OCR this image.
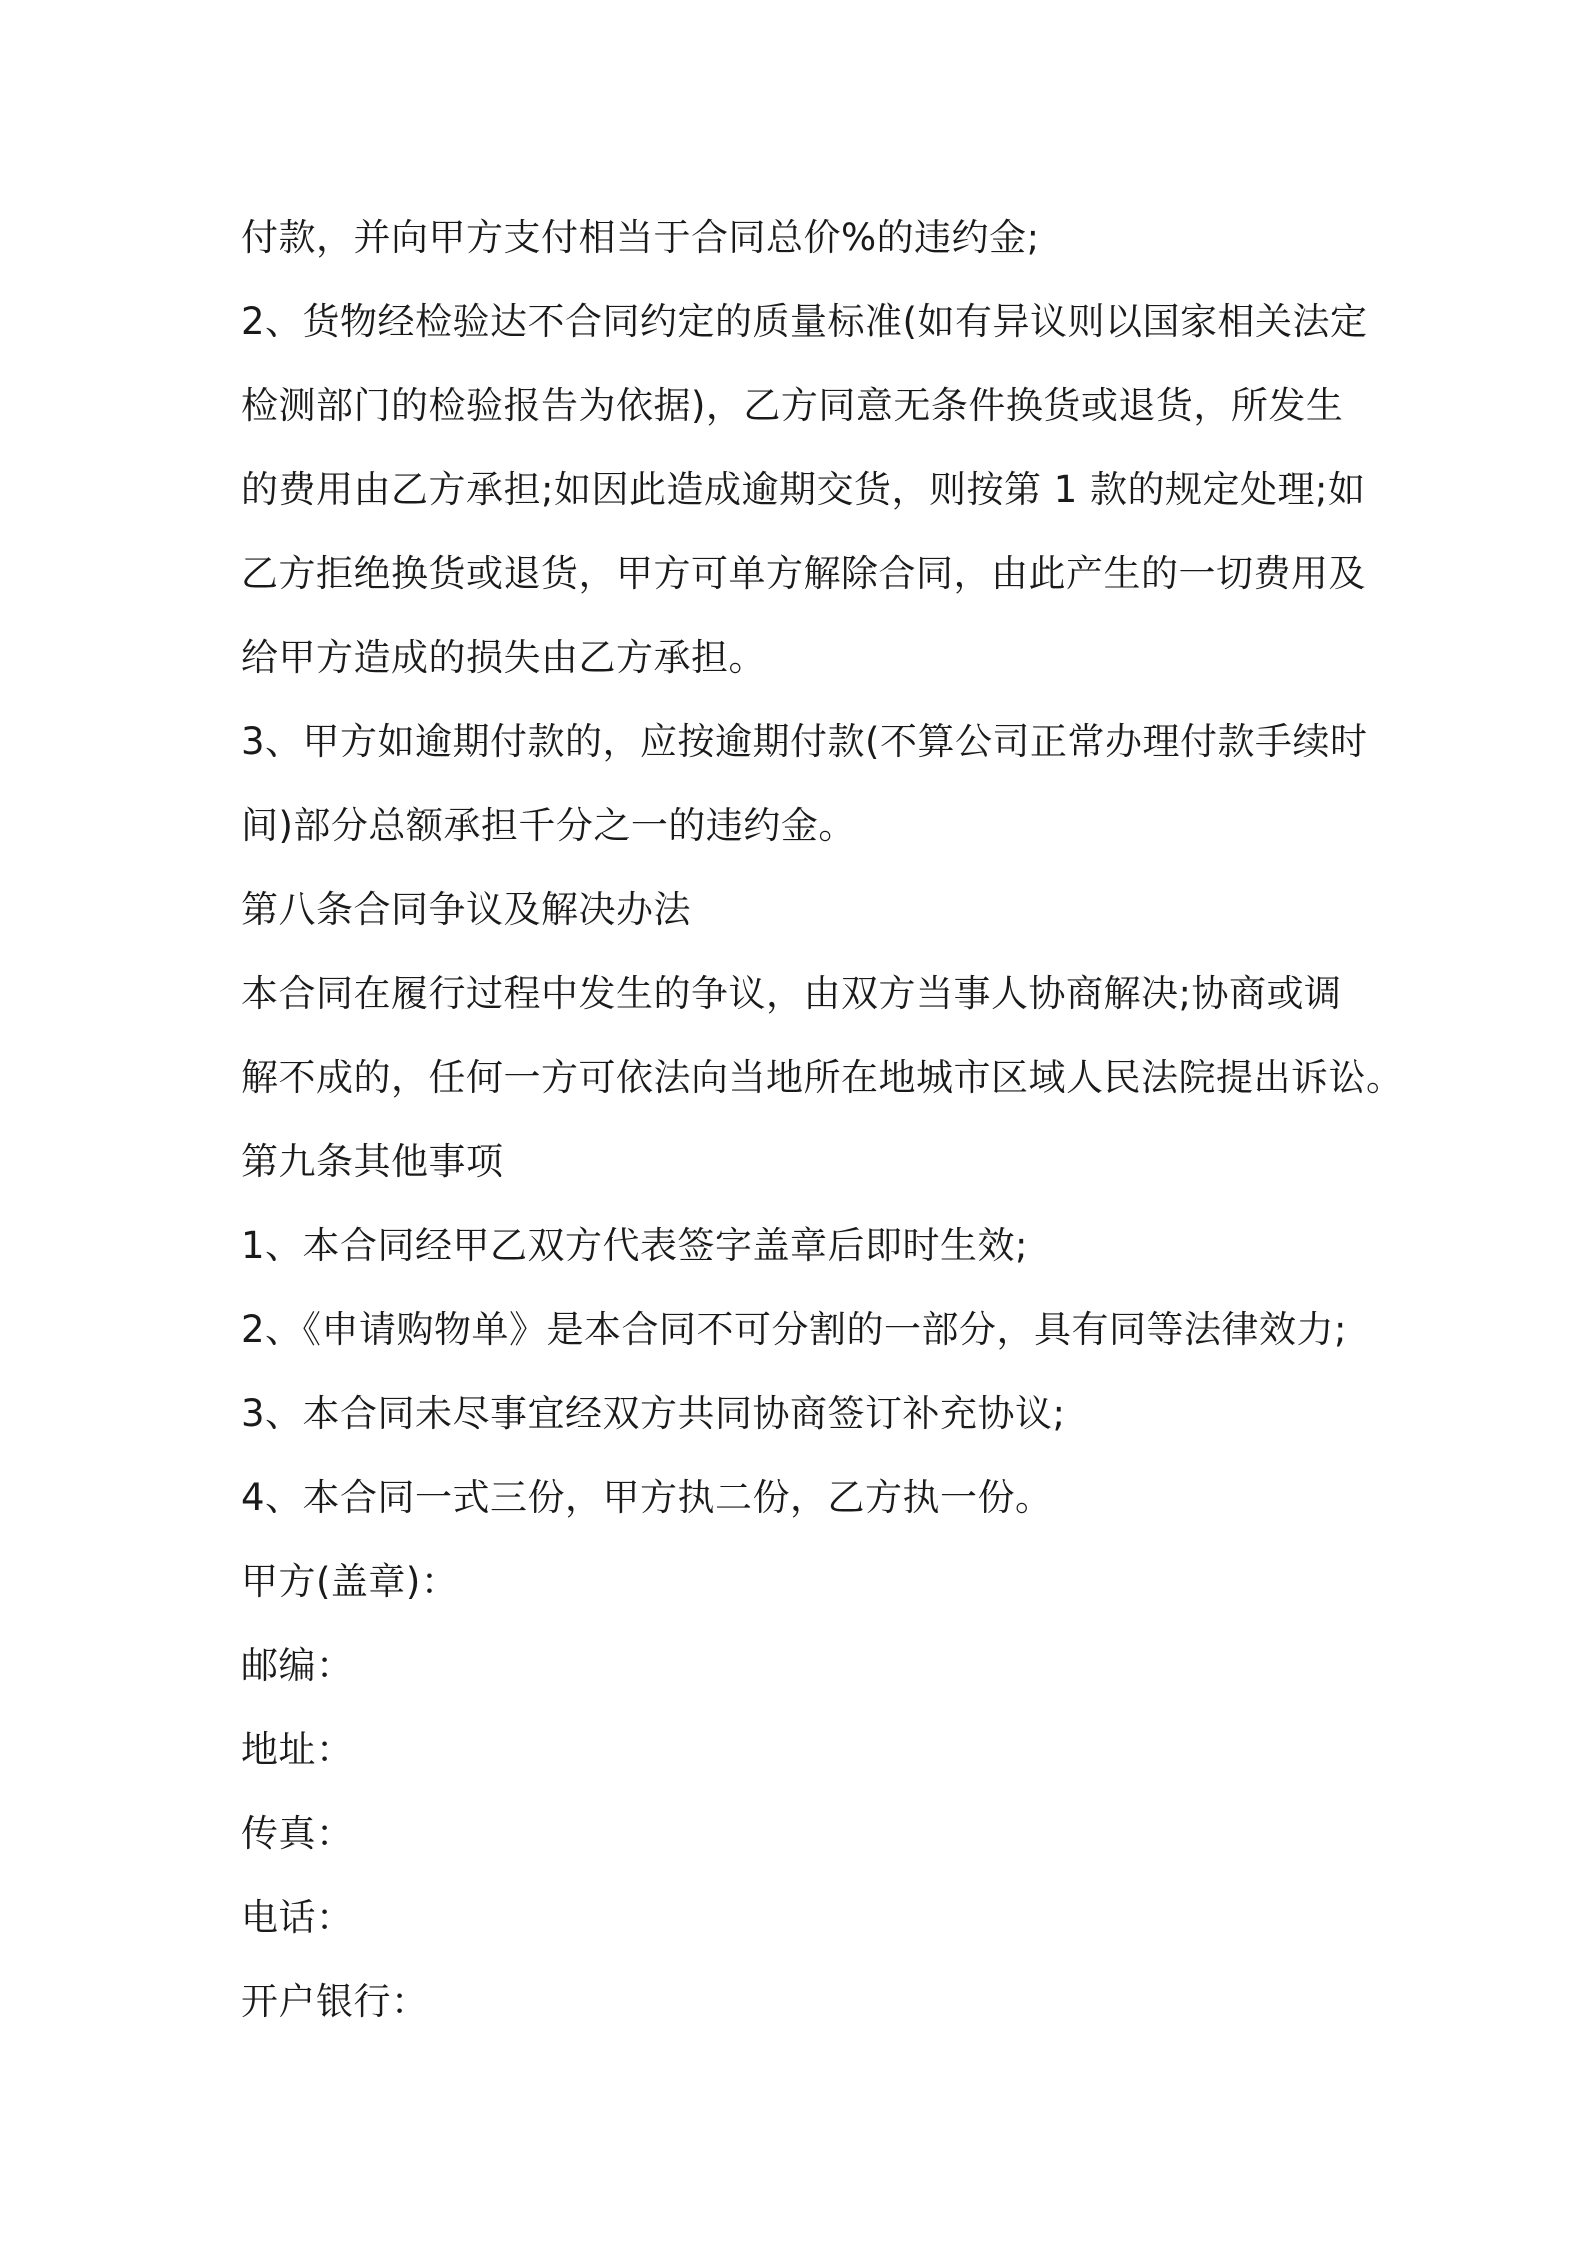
付款，并向甲方支付相当于合同总价%的违约金;
2、货物经检验达不合同约定的质量标准(如有异议则以国家相关法定
检测部门的检验报告为依据)，乙方同意无条件换货或退货，所发生
的费用由乙方承担;如因此造成逾期交货，则按第 1 款的规定处理;如
乙方拒绝换货或退货，甲方可单方解除合同，由此产生的一切费用及
给甲方造成的损失由乙方承担。
3、甲方如逾期付款的，应按逾期付款(不算公司正常办理付款手续时
间)部分总额承担千分之一的违约金。
第八条合同争议及解决办法
本合同在履行过程中发生的争议，由双方当事人协商解决;协商或调
解不成的，任何一方可依法向当地所在地城市区域人民法院提出诉讼。
第九条其他事项
1、本合同经甲乙双方代表签字盖章后即时生效;
2、《申请购物单》是本合同不可分割的一部分，具有同等法律效力;
3、本合同未尽事宜经双方共同协商签订补充协议;
4、本合同一式三份，甲方执二份，乙方执一份。
甲方(盖章)：
邮编：
地址：
传真：
电话：
开户银行：
